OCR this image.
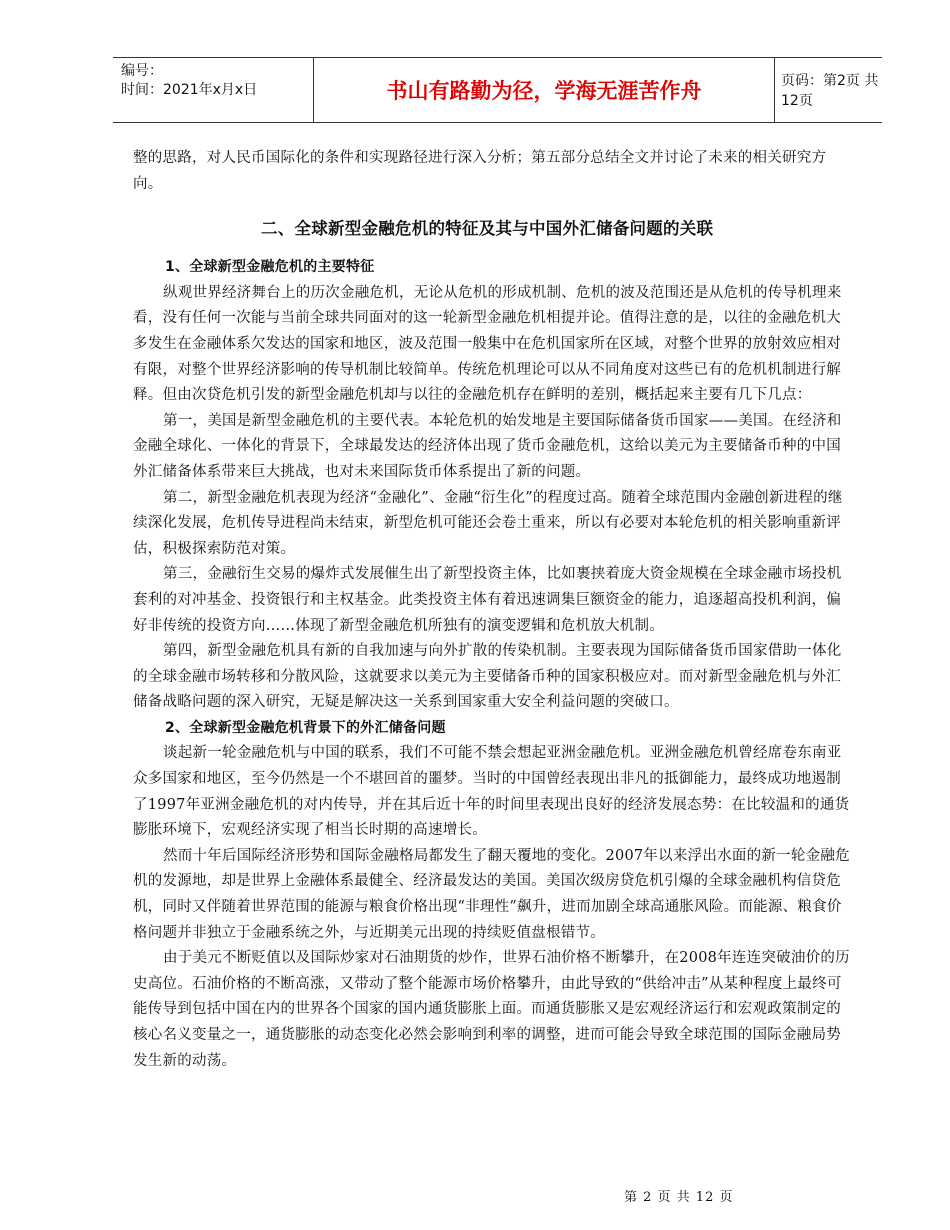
编号：
时间：2021年x月x日	书山有路勤为径，学海无涯苦作舟	页码：第2页 共12页

整的思路，对人民币国际化的条件和实现路径进行深入分析；第五部分总结全文并讨论了未来的相关研究方向。

二、全球新型金融危机的特征及其与中国外汇储备问题的关联
1、全球新型金融危机的主要特征

纵观世界经济舞台上的历次金融危机，无论从危机的形成机制、危机的波及范围还是从危机的传导机理来看，没有任何一次能与当前全球共同面对的这一轮新型金融危机相提并论。值得注意的是，以往的金融危机大多发生在金融体系欠发达的国家和地区，波及范围一般集中在危机国家所在区域，对整个世界的放射效应相对有限，对整个世界经济影响的传导机制比较简单。传统危机理论可以从不同角度对这些已有的危机机制进行解释。但由次贷危机引发的新型金融危机却与以往的金融危机存在鲜明的差别，概括起来主要有几下几点：

第一，美国是新型金融危机的主要代表。本轮危机的始发地是主要国际储备货币国家——美国。在经济和金融全球化、一体化的背景下，全球最发达的经济体出现了货币金融危机，这给以美元为主要储备币种的中国外汇储备体系带来巨大挑战，也对未来国际货币体系提出了新的问题。

第二，新型金融危机表现为经济“金融化”、金融“衍生化”的程度过高。随着全球范围内金融创新进程的继续深化发展，危机传导进程尚未结束，新型危机可能还会卷土重来，所以有必要对本轮危机的相关影响重新评估，积极探索防范对策。

第三，金融衍生交易的爆炸式发展催生出了新型投资主体，比如裹挟着庞大资金规模在全球金融市场投机套利的对冲基金、投资银行和主权基金。此类投资主体有着迅速调集巨额资金的能力，追逐超高投机利润，偏好非传统的投资方向……体现了新型金融危机所独有的演变逻辑和危机放大机制。

第四，新型金融危机具有新的自我加速与向外扩散的传染机制。主要表现为国际储备货币国家借助一体化的全球金融市场转移和分散风险，这就要求以美元为主要储备币种的国家积极应对。而对新型金融危机与外汇储备战略问题的深入研究，无疑是解决这一关系到国家重大安全利益问题的突破口。

2、全球新型金融危机背景下的外汇储备问题

谈起新一轮金融危机与中国的联系，我们不可能不禁会想起亚洲金融危机。亚洲金融危机曾经席卷东南亚众多国家和地区，至今仍然是一个不堪回首的噩梦。当时的中国曾经表现出非凡的抵御能力，最终成功地遏制了1997年亚洲金融危机的对内传导，并在其后近十年的时间里表现出良好的经济发展态势：在比较温和的通货膨胀环境下，宏观经济实现了相当长时期的高速增长。

然而十年后国际经济形势和国际金融格局都发生了翻天覆地的变化。2007年以来浮出水面的新一轮金融危机的发源地，却是世界上金融体系最健全、经济最发达的美国。美国次级房贷危机引爆的全球金融机构信贷危机，同时又伴随着世界范围的能源与粮食价格出现“非理性”飙升，进而加剧全球高通胀风险。而能源、粮食价格问题并非独立于金融系统之外，与近期美元出现的持续贬值盘根错节。

由于美元不断贬值以及国际炒家对石油期货的炒作，世界石油价格不断攀升，在2008年连连突破油价的历史高位。石油价格的不断高涨，又带动了整个能源市场价格攀升，由此导致的“供给冲击”从某种程度上最终可能传导到包括中国在内的世界各个国家的国内通货膨胀上面。而通货膨胀又是宏观经济运行和宏观政策制定的核心名义变量之一，通货膨胀的动态变化必然会影响到利率的调整，进而可能会导致全球范围的国际金融局势发生新的动荡。

第 2 页 共 12 页
